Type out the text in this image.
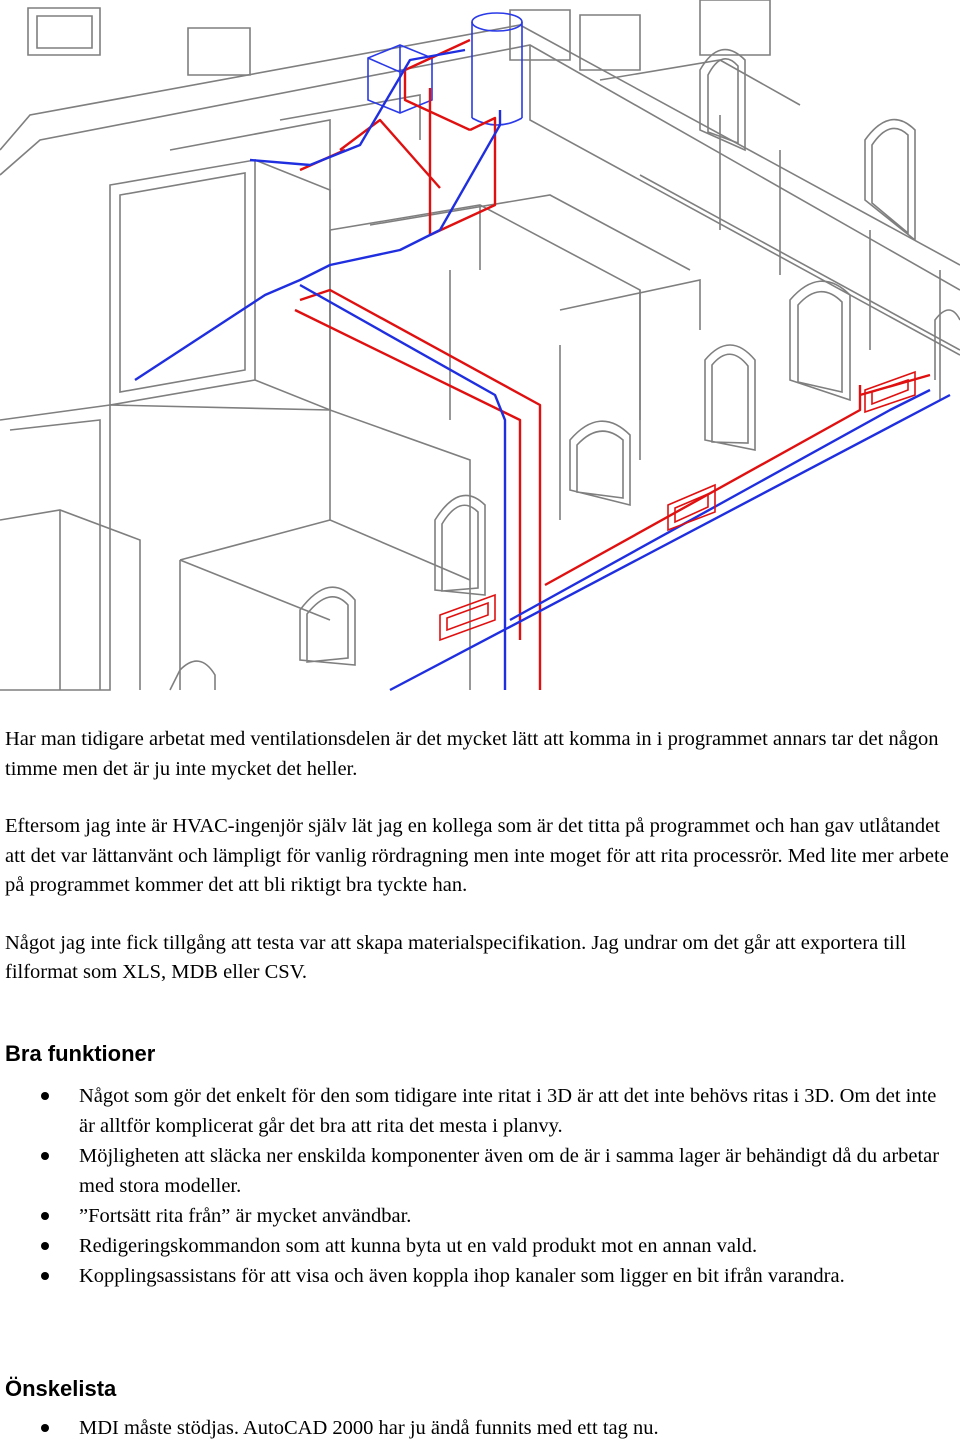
Har man tidigare arbetat med ventilationsdelen är det mycket lätt att komma in i programmet annars tar det någon timme men det är ju inte mycket det heller.

Eftersom jag inte är HVAC-ingenjör själv lät jag en kollega som är det titta på programmet och han gav utlåtandet att det var lättanvänt och lämpligt för vanlig rördragning men inte moget för att rita processrör. Med lite mer arbete på programmet kommer det att bli riktigt bra tyckte han.

Något jag inte fick tillgång att testa var att skapa materialspecifikation. Jag undrar om det går att exportera till filformat som XLS, MDB eller CSV.

Bra funktioner
Något som gör det enkelt för den som tidigare inte ritat i 3D är att det inte behövs ritas i 3D. Om det inte är alltför komplicerat går det bra att rita det mesta i planvy.
Möjligheten att släcka ner enskilda komponenter även om de är i samma lager är behändigt då du arbetar med stora modeller.
”Fortsätt rita från” är mycket användbar.
Redigeringskommandon som att kunna byta ut en vald produkt mot en annan vald.
Kopplingsassistans för att visa och även koppla ihop kanaler som ligger en bit ifrån varandra.
Önskelista
MDI måste stödjas. AutoCAD 2000 har ju ändå funnits med ett tag nu.
